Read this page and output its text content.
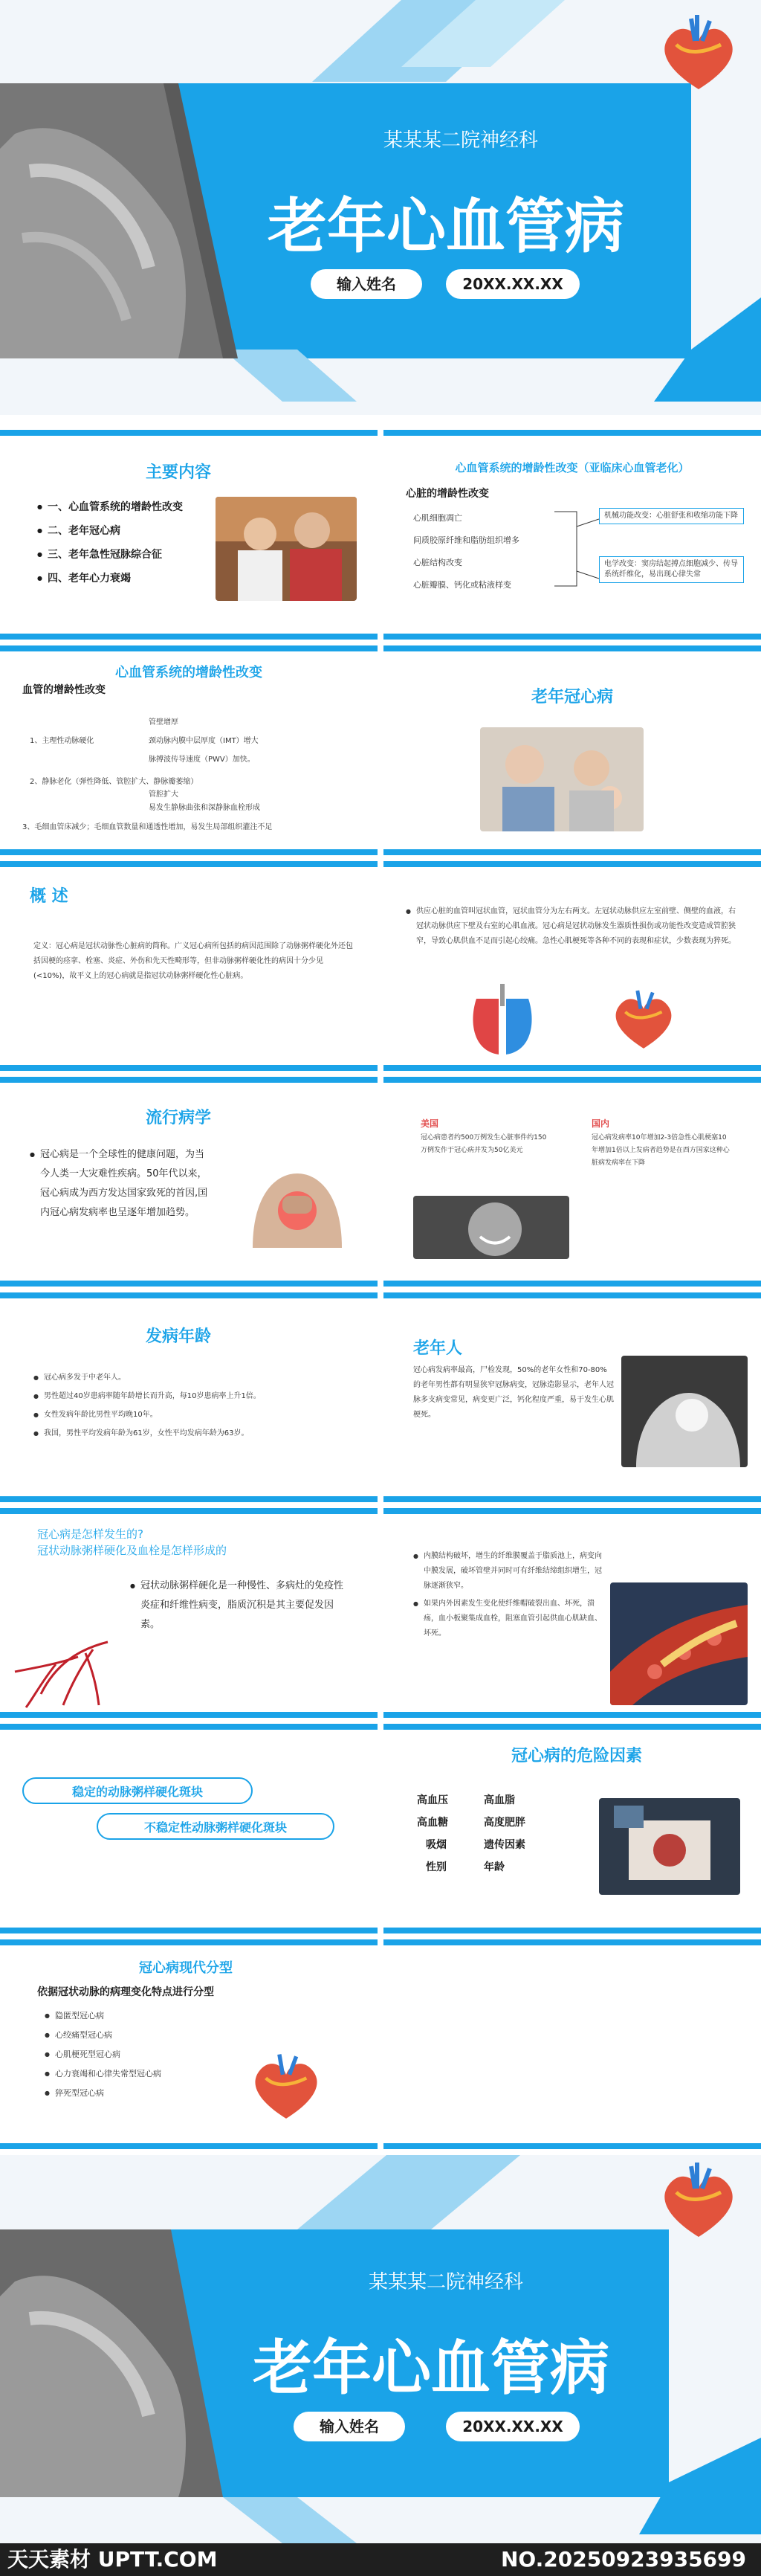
某某某二院神经科
老年心血管病
输入姓名	20XX.XX.XX
主要内容
● 一、心血管系统的增龄性改变
● 二、老年冠心病
● 三、老年急性冠脉综合征
● 四、老年心力衰竭
心血管系统的增龄性改变（亚临床心血管老化）
心脏的增龄性改变
心肌细胞凋亡
间质胶原纤维和脂肪组织增多
心脏结构改变
心脏瓣膜、钙化或粘液样变
机械功能改变：心脏舒张和收缩功能下降
电学改变：窦房结起搏点细胞减少、传导系统纤维化，易出现心律失常
心血管系统的增龄性改变
血管的增龄性改变
1、主理性动脉硬化
管壁增厚
颈动脉内膜中层厚度（IMT）增大
脉搏波传导速度（PWV）加快。
2、静脉老化（弹性降低、管腔扩大、静脉瓣萎缩）
管腔扩大
易发生静脉曲张和深静脉血栓形成
3、毛细血管床减少；毛细血管数量和通透性增加，易发生局部组织灌注不足
老年冠心病
概 述
定义：冠心病是冠状动脉性心脏病的简称。广义冠心病所包括的病因范围除了动脉粥样硬化外还包括因梗的痉挛、栓塞、炎症、外伤和先天性畸形等，但非动脉粥样硬化性的病因十分少见(<10%)，故平义上的冠心病就是指冠状动脉粥样硬化性心脏病。
● 供应心脏的血管叫冠状血管，冠状血管分为左右两支。左冠状动脉供应左室前壁、侧壁的血液，右冠状动脉供应下壁及右室的心肌血液。冠心病是冠状动脉发生器质性损伤或功能性改变造成管腔狭窄，导致心肌供血不足而引起心绞痛。急性心肌梗死等各种不同的表现和症状，少数表现为猝死。
流行病学
● 冠心病是一个全球性的健康问题，为当今人类一大灾难性疾病。50年代以来，冠心病成为西方发达国家致死的首因,国内冠心病发病率也呈逐年增加趋势。
美国
冠心病患者约500万例发生心脏事件约150万例发作于冠心病并发为50亿美元
国内
冠心病发病率10年增加2-3倍急性心肌梗塞10年增加1倍以上发病者趋势是在西方国家这种心脏病发病率在下降
发病年龄
● 冠心病多发于中老年人。
● 男性超过40岁患病率随年龄增长而升高，每10岁患病率上升1倍。
● 女性发病年龄比男性平均晚10年。
● 我国，男性平均发病年龄为61岁，女性平均发病年龄为63岁。
老年人
冠心病发病率最高，尸检发现，50%的老年女性和70-80%的老年男性都有明显狭窄冠脉病变，冠脉造影显示，老年人冠脉多支病变常见，病变更广泛，钙化程度严重，易于发生心肌梗死。
冠心病是怎样发生的?
冠状动脉粥样硬化及血栓是怎样形成的
● 冠状动脉粥样硬化是一种慢性、多病灶的免疫性炎症和纤维性病变，脂质沉积是其主要促发因素。
● 内膜结构破坏，增生的纤维膜覆盖于脂质池上，病变向中膜发展，破坏管壁并同时可有纤维结缔组织增生，冠脉逐渐狭窄。
● 如果内外因素发生变化使纤维帽破裂出血、坏死，溃疡，血小板聚集成血栓，阻塞血管引起供血心肌缺血、坏死。
稳定的动脉粥样硬化斑块
不稳定性动脉粥样硬化斑块
冠心病的危险因素
高血压	高血脂
高血糖	高度肥胖
吸烟	遗传因素
性别	年龄
冠心病现代分型
依据冠状动脉的病理变化特点进行分型
● 隐匿型冠心病
● 心绞痛型冠心病
● 心肌梗死型冠心病
● 心力衰竭和心律失常型冠心病
● 猝死型冠心病
某某某二院神经科
老年心血管病
输入姓名	20XX.XX.XX
天天素材 UPTT.COM	NO.20250923935699
